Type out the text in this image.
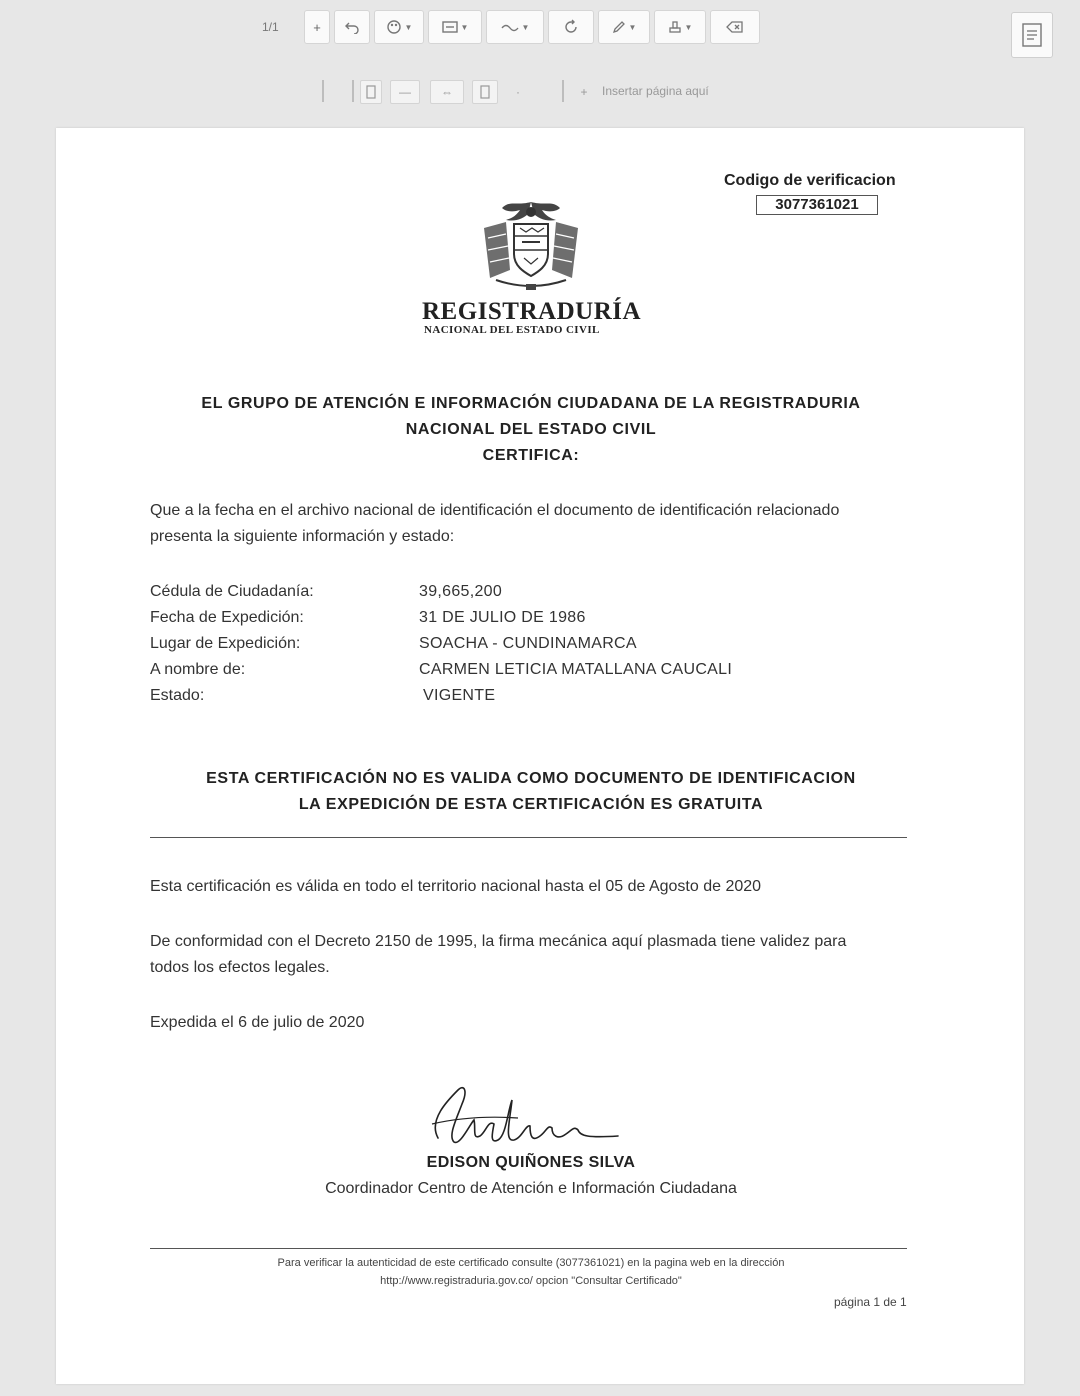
1/1	+	▼	▼	▼	▼	▼
—	⇔	·	+ Insertar página aquí
Codigo de verificacion
3077361021
REGISTRADURÍA
NACIONAL DEL ESTADO CIVIL
EL GRUPO DE ATENCIÓN E INFORMACIÓN CIUDADANA DE LA REGISTRADURIA
NACIONAL DEL ESTADO CIVIL
CERTIFICA:
Que a la fecha en el archivo nacional de identificación el documento de identificación relacionado
presenta la siguiente información y estado:
Cédula de Ciudadanía:	39,665,200
Fecha de Expedición:	31 DE JULIO DE 1986
Lugar de Expedición:	SOACHA - CUNDINAMARCA
A nombre de:	CARMEN LETICIA MATALLANA CAUCALI
Estado:	VIGENTE
ESTA CERTIFICACIÓN NO ES VALIDA COMO DOCUMENTO DE IDENTIFICACION
LA EXPEDICIÓN DE ESTA CERTIFICACIÓN ES GRATUITA
Esta certificación es válida en todo el territorio nacional hasta el 05 de Agosto de 2020
De conformidad con el Decreto 2150 de 1995, la firma mecánica aquí plasmada tiene validez para
todos los efectos legales.
Expedida el 6 de julio de 2020
EDISON QUIÑONES SILVA
Coordinador Centro de Atención e Información Ciudadana
Para verificar la autenticidad de este certificado consulte (3077361021) en la pagina web en la dirección
http://www.registraduria.gov.co/ opcion "Consultar Certificado"
página 1 de 1
